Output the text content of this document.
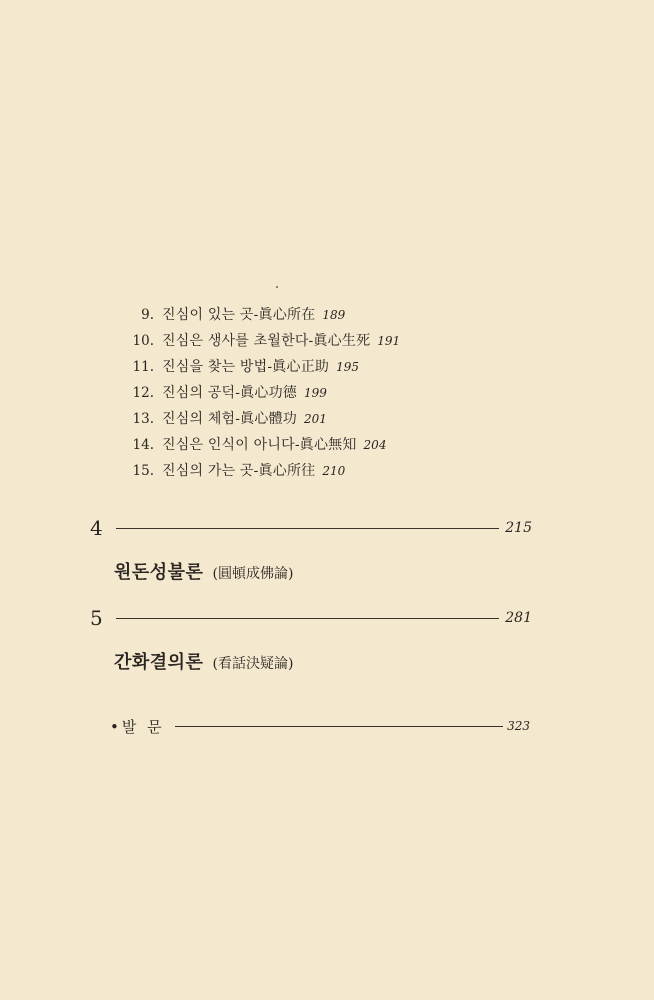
9. 진심이 있는 곳-眞心所在 189
10. 진심은 생사를 초월한다-眞心生死 191
11. 진심을 찾는 방법-眞心正助 195
12. 진심의 공덕-眞心功德 199
13. 진심의 체험-眞心體功 201
14. 진심은 인식이 아니다-眞心無知 204
15. 진심의 가는 곳-眞心所往 210
4	215
원돈성불론 (圓頓成佛論)
5	281
간화결의론 (看話決疑論)
•발 문	323
